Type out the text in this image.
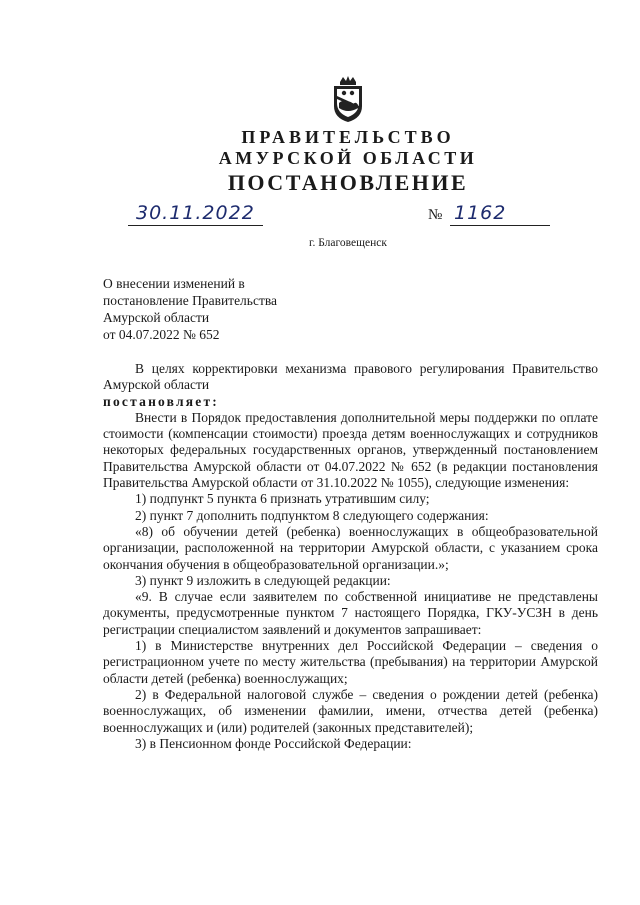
ПРАВИТЕЛЬСТВО
АМУРСКОЙ ОБЛАСТИ
ПОСТАНОВЛЕНИЕ
30.11.2022	№ 1162
г. Благовещенск
О внесении изменений в
постановление Правительства
Амурской области
от 04.07.2022 № 652

В целях корректировки механизма правового регулирования Правительство Амурской области

постановляет:

Внести в Порядок предоставления дополнительной меры поддержки по оплате стоимости (компенсации стоимости) проезда детям военнослужащих и сотрудников некоторых федеральных государственных органов, утвержденный постановлением Правительства Амурской области от 04.07.2022 № 652 (в редакции постановления Правительства Амурской области от 31.10.2022 № 1055), следующие изменения:

1) подпункт 5 пункта 6 признать утратившим силу;

2) пункт 7 дополнить подпунктом 8 следующего содержания:

«8) об обучении детей (ребенка) военнослужащих в общеобразовательной организации, расположенной на территории Амурской области, с указанием срока окончания обучения в общеобразовательной организации.»;

3) пункт 9 изложить в следующей редакции:

«9. В случае если заявителем по собственной инициативе не представлены документы, предусмотренные пунктом 7 настоящего Порядка, ГКУ-УСЗН в день регистрации специалистом заявлений и документов запрашивает:

1) в Министерстве внутренних дел Российской Федерации – сведения о регистрационном учете по месту жительства (пребывания) на территории Амурской области детей (ребенка) военнослужащих;

2) в Федеральной налоговой службе – сведения о рождении детей (ребенка) военнослужащих, об изменении фамилии, имени, отчества детей (ребенка) военнослужащих и (или) родителей (законных представителей);

3) в Пенсионном фонде Российской Федерации:
